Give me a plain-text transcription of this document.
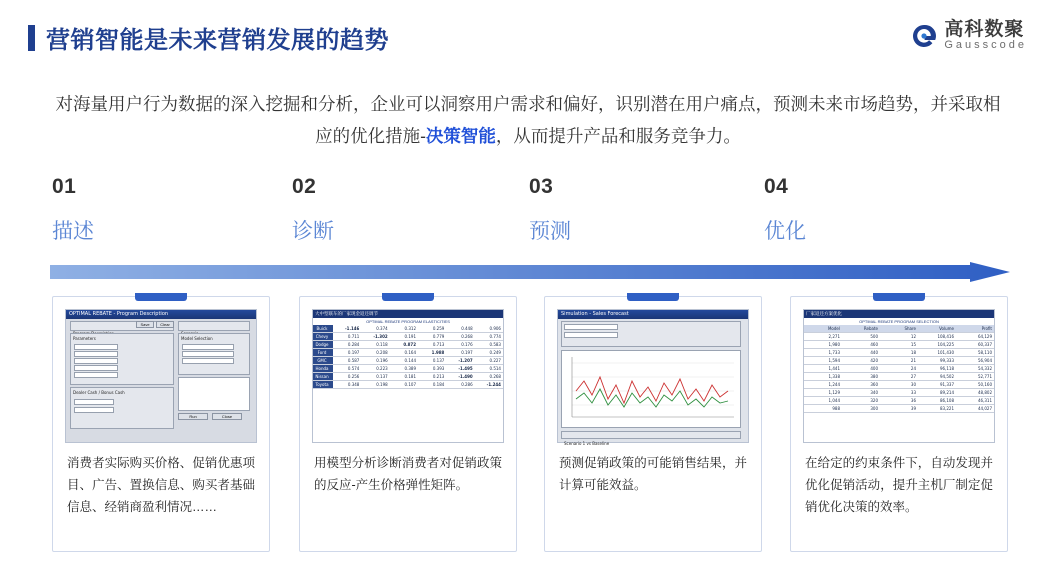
营销智能是未来营销发展的趋势	高科数聚
Gausscode
对海量用户行为数据的深入挖掘和分析，企业可以洞察用户需求和偏好，识别潜在用户痛点，预测未来市场趋势，并采取相应的优化措施-决策智能，从而提升产品和服务竞争力。
01
描述
02
诊断
03
预测
04
优化
OPTIMAL REBATE - Program Description
Parameters
Dealer Cash / Bonus Cash
Model Selection
Run	Close
Save	Clear
消费者实际购买价格、促销优惠项目、广告、置换信息、购买者基础信息、经销商盈利情况……
大中型联车的厂家现金返还调节
OPTIMAL REBATE PROGRAM ELASTICITIES
Buick	-1.146	0.374	0.312	0.259	0.448	0.906
Chevy	0.711	-1.302	0.191	0.779	0.268	0.774
Dodge	0.284	0.118	0.872	0.713	0.176	0.583
Ford	0.197	0.208	0.164	1.988	0.197	0.249
GMC	0.587	0.196	0.144	0.137	-1.207	0.227
Honda	0.574	0.223	0.389	0.393	-1.495	0.514
Nissan	0.256	0.137	0.181	0.213	-1.490	0.268
Toyota	0.348	0.198	0.107	0.184	0.286	-1.244
用模型分析诊断消费者对促销政策的反应-产生价格弹性矩阵。
Simulation - Sales Forecast
Scenario 1 vs Baseline
预测促销政策的可能销售结果，并计算可能效益。
厂家返还方案优化
OPTIMAL REBATE PROGRAM SELECTION
Model	Rebate	Share	Volume	Profit
2,271	500	12	108,416	64,129
1,980	460	15	104,225	60,337
1,733	440	18	101,430	58,110
1,594	420	21	99,333	56,904
1,441	400	24	96,118	54,332
1,338	380	27	94,502	52,771
1,244	360	30	91,337	50,160
1,129	340	33	89,214	48,802
1,044	320	36	86,108	46,311
988	300	39	83,221	44,027
在给定的约束条件下，自动发现并优化促销活动，提升主机厂制定促销优化决策的效率。
